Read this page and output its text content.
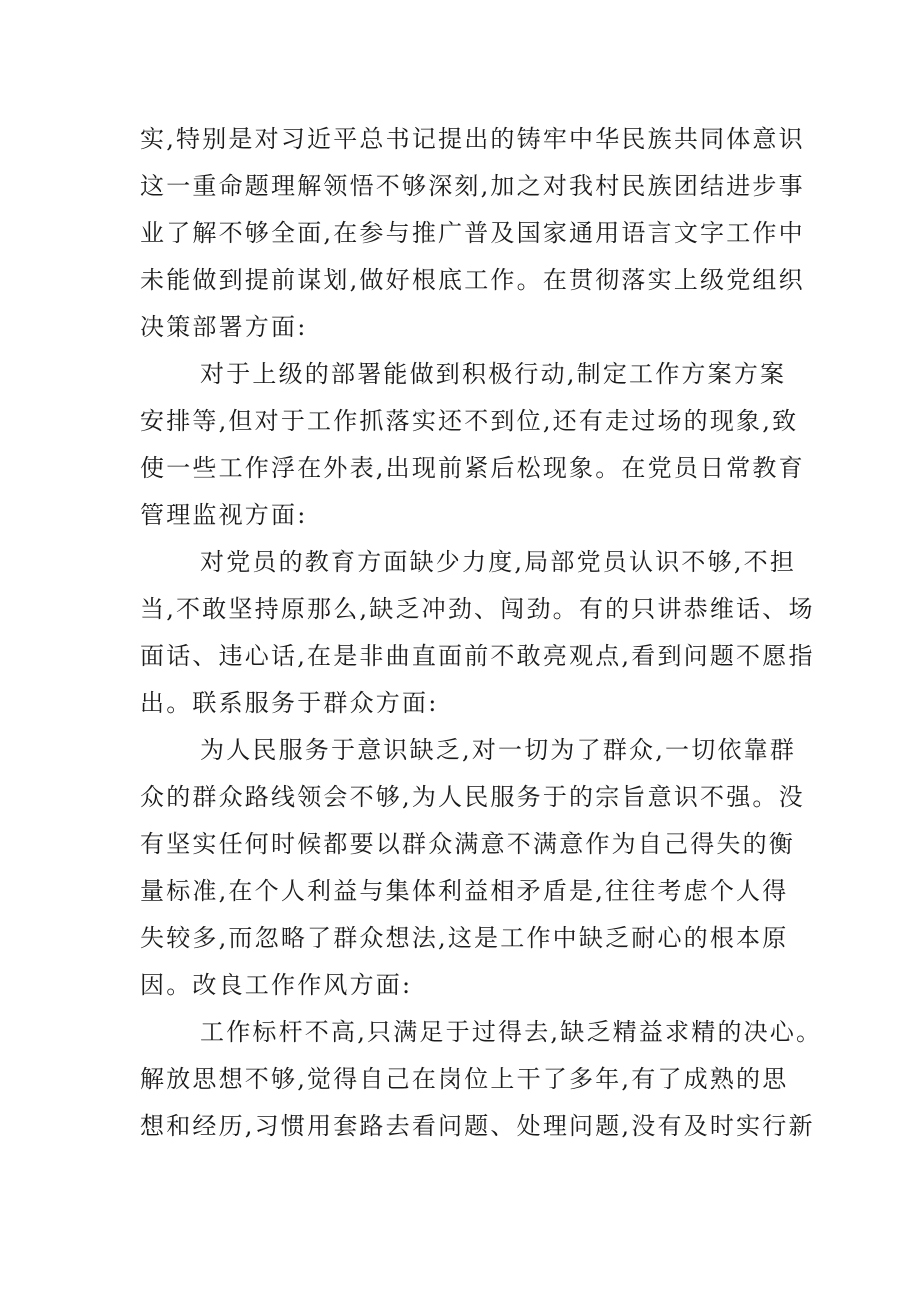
实,特别是对习近平总书记提出的铸牢中华民族共同体意识
这一重命题理解领悟不够深刻,加之对我村民族团结进步事
业了解不够全面,在参与推广普及国家通用语言文字工作中
未能做到提前谋划,做好根底工作。在贯彻落实上级党组织
决策部署方面:
对于上级的部署能做到积极行动,制定工作方案方案
安排等,但对于工作抓落实还不到位,还有走过场的现象,致
使一些工作浮在外表,出现前紧后松现象。在党员日常教育
管理监视方面:
对党员的教育方面缺少力度,局部党员认识不够,不担
当,不敢坚持原那么,缺乏冲劲、闯劲。有的只讲恭维话、场
面话、违心话,在是非曲直面前不敢亮观点,看到问题不愿指
出。联系服务于群众方面:
为人民服务于意识缺乏,对一切为了群众,一切依靠群
众的群众路线领会不够,为人民服务于的宗旨意识不强。没
有坚实任何时候都要以群众满意不满意作为自己得失的衡
量标准,在个人利益与集体利益相矛盾是,往往考虑个人得
失较多,而忽略了群众想法,这是工作中缺乏耐心的根本原
因。改良工作作风方面:
工作标杆不高,只满足于过得去,缺乏精益求精的决心。
解放思想不够,觉得自己在岗位上干了多年,有了成熟的思
想和经历,习惯用套路去看问题、处理问题,没有及时实行新
